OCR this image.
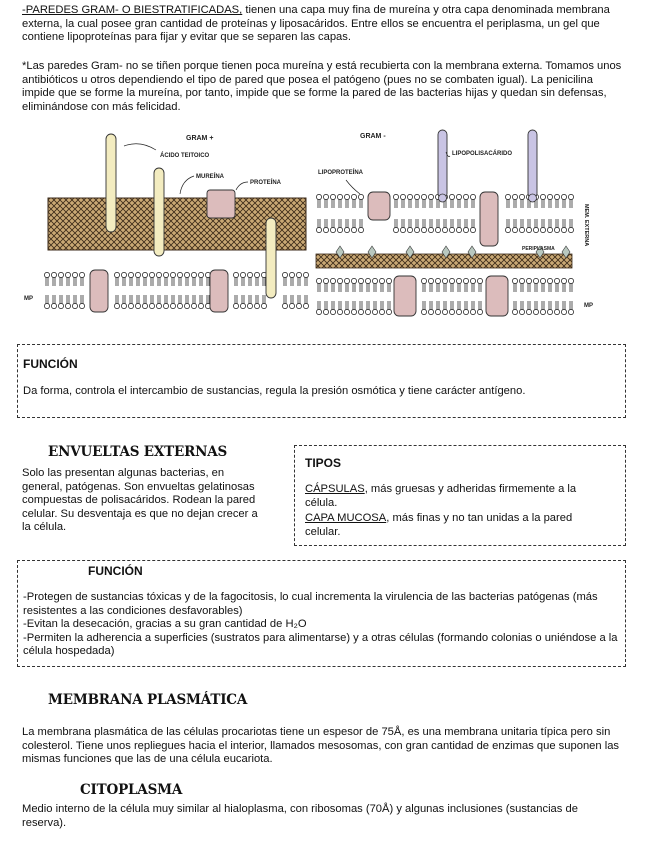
-PAREDES GRAM- O BIESTRATIFICADAS, tienen una capa muy fina de mureína y otra capa denominada membrana externa, la cual posee gran cantidad de proteínas y liposacáridos. Entre ellos se encuentra el periplasma, un gel que contiene lipoproteínas para fijar y evitar que se separen las capas.
*Las paredes Gram- no se tiñen porque tienen poca mureína y está recubierta con la membrana externa. Tomamos unos antibióticos u otros dependiendo el tipo de pared que posea el patógeno (pues no se combaten igual). La penicilina impide que se forme la mureína, por tanto, impide que se forme la pared de las bacterias hijas y quedan sin defensas, eliminándose con más felicidad.
GRAM +
ÁCIDO TEITOICO
MUREÍNA
PROTEÍNA
MP
GRAM -
LIPOPROTEÍNA
LIPOPOLISACÁRIDO
PERIPLASMA
MEM. EXTERNA
MP
FUNCIÓN
Da forma, controla el intercambio de sustancias, regula la presión osmótica y tiene carácter antígeno.
ENVUELTAS EXTERNAS
Solo las presentan algunas bacterias, en general, patógenas. Son envueltas gelatinosas compuestas de polisacáridos. Rodean la pared celular. Su desventaja es que no dejan crecer a la célula.
TIPOS
CÁPSULAS, más gruesas y adheridas firmemente a la célula.
CAPA MUCOSA, más finas y no tan unidas a la pared celular.
FUNCIÓN
-Protegen de sustancias tóxicas y de la fagocitosis, lo cual incrementa la virulencia de las bacterias patógenas (más resistentes a las condiciones desfavorables)
-Evitan la desecación, gracias a su gran cantidad de H₂O
-Permiten la adherencia a superficies (sustratos para alimentarse) y a otras células (formando colonias o uniéndose a la célula hospedada)
MEMBRANA PLASMÁTICA
La membrana plasmática de las células procariotas tiene un espesor de 75Å, es una membrana unitaria típica pero sin colesterol. Tiene unos repliegues hacia el interior, llamados mesosomas, con gran cantidad de enzimas que suponen las mismas funciones que las de una célula eucariota.
CITOPLASMA
Medio interno de la célula muy similar al hialoplasma, con ribosomas (70Å) y algunas inclusiones (sustancias de reserva).
